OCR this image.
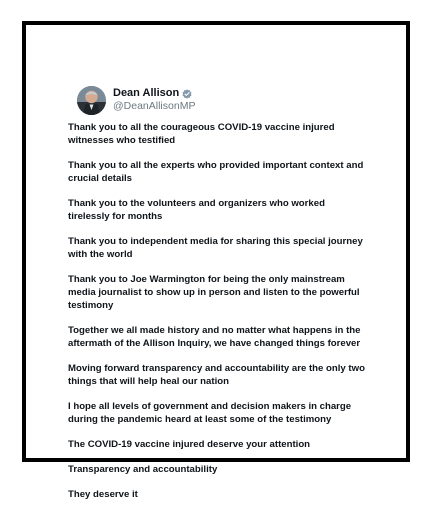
Dean Allison
@DeanAllisonMP

Thank you to all the courageous COVID-19 vaccine injured witnesses who testified

Thank you to all the experts who provided important context and crucial details

Thank you to the volunteers and organizers who worked tirelessly for months

Thank you to independent media for sharing this special journey with the world

Thank you to Joe Warmington for being the only mainstream media journalist to show up in person and listen to the powerful testimony

Together we all made history and no matter what happens in the aftermath of the Allison Inquiry, we have changed things forever

Moving forward transparency and accountability are the only two things that will help heal our nation

I hope all levels of government and decision makers in charge during the pandemic heard at least some of the testimony

The COVID-19 vaccine injured deserve your attention

Transparency and accountability

They deserve it
